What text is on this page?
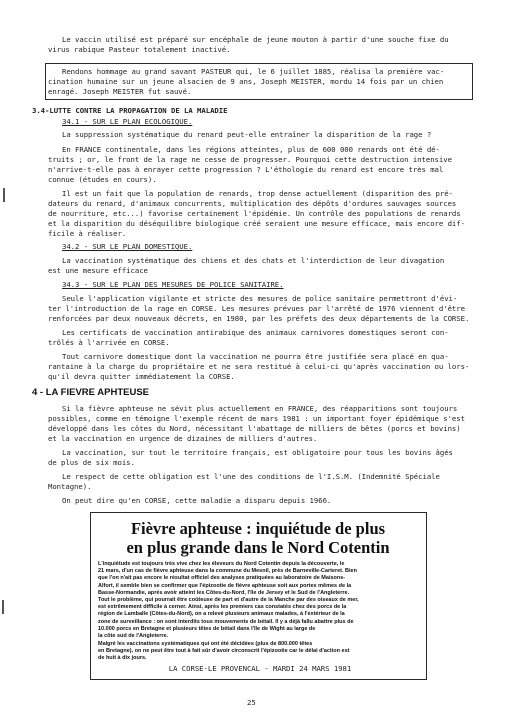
Le vaccin utilisé est préparé sur encéphale de jeune mouton à partir d'une souche fixe du
virus rabique Pasteur totalement inactivé.
Rendons hommage au grand savant PASTEUR qui, le 6 juillet 1885, réalisa la première vac-
cination humaine sur un jeune alsacien de 9 ans, Joseph MEISTER, mordu 14 fois par un chien
enragé. Joseph MEISTER fut sauvé.
3.4-LUTTE CONTRE LA PROPAGATION DE LA MALADIE
34.1 - SUR LE PLAN ECOLOGIQUE.
La suppression systématique du renard peut-elle entraîner la disparition de la rage ?
En FRANCE continentale, dans les régions atteintes, plus de 600 000 renards ont été dé-
truits ; or, le front de la rage ne cesse de progresser. Pourquoi cette destruction intensive
n'arrive-t-elle pas à enrayer cette progression ? L'éthologie du renard est encore très mal
connue (études en cours).
Il est un fait que la population de renards, trop dense actuellement (disparition des pré-
dateurs du renard, d'animaux concurrents, multiplication des dépôts d'ordures sauvages sources
de nourriture, etc...) favorise certainement l'épidémie. Un contrôle des populations de renards
et la disparition du déséquilibre biologique créé seraient une mesure efficace, mais encore dif-
ficile à réaliser.
34.2 - SUR LE PLAN DOMESTIQUE.
La vaccination systématique des chiens et des chats et l'interdiction de leur divagation
est une mesure efficace
34.3 - SUR LE PLAN DES MESURES DE POLICE SANITAIRE.
Seule l'application vigilante et stricte des mesures de police sanitaire permettront d'évi-
ter l'introduction de la rage en CORSE. Les mesures prévues par l'arrêté de 1976 viennent d'être
renforcées par deux nouveaux décrets, en 1980, par les préfets des deux départements de la CORSE.
Les certificats de vaccination antirabique des animaux carnivores domestiques seront con-
trôlés à l'arrivée en CORSE.
Tout carnivore domestique dont la vaccination ne pourra être justifiée sera placé en qua-
rantaine à la charge du propriétaire et ne sera restitué à celui-ci qu'après vaccination ou lors-
qu'il devra quitter immédiatement la CORSE.
4 - LA FIEVRE APHTEUSE
Si la fièvre aphteuse ne sévit plus actuellement en FRANCE, des réapparitions sont toujours
possibles, comme en témoigne l'exemple récent de mars 1981 : un important foyer épidémique s'est
développé dans les côtes du Nord, nécessitant l'abattage de milliers de bêtes (porcs et bovins)
et la vaccination en urgence de dizaines de milliers d'autres.
La vaccination, sur tout le territoire français, est obligatoire pour tous les bovins âgés
de plus de six mois.
Le respect de cette obligation est l'une des conditions de l'I.S.M. (Indemnité Spéciale
Montagne).
On peut dire qu'en CORSE, cette maladie a disparu depuis 1966.
Fièvre aphteuse : inquiétude de plus
en plus grande dans le Nord Cotentin
L'inquiétude est toujours très vive chez les éleveurs du Nord Cotentin depuis la découverte, le
21 mars, d'un cas de fièvre aphteuse dans la commune du Mesnil, près de Barneville-Carteret. Bien
que l'on n'ait pas encore le résultat officiel des analyses pratiquées au laboratoire de Maisons-
Alfort, il semble bien se confirmer que l'épizootie de fièvre aphteuse soit aux portes mêmes de la
Basse-Normandie, après avoir atteint les Côtes-du-Nord, l'île de Jersey et le Sud de l'Angleterre.
Tout le problème, qui pourrait être coûteuse de part et d'autre de la Manche par des oiseaux de mer,
est extrêmement difficile à cerner. Ainsi, après les premiers cas constatés chez des porcs de la
région de Lamballe (Côtes-du-Nord), on a relevé plusieurs animaux malades, à l'extérieur de la
zone de surveillance : on sont interdits tous mouvements de bétail. Il y a déjà fallu abattre plus de
10.000 porcs en Bretagne et plusieurs têtes de bétail dans l'île de Wight au large de
la côte sud de l'Angleterre.
Malgré les vaccinations systématiques qui ont été décidées (plus de 800.000 têtes
en Bretagne), on ne peut être tout à fait sûr d'avoir circonscrit l'épizootie car le délai d'action est
de huit à dix jours.
LA CORSE-LE PROVENCAL - MARDI 24 MARS 1981
25
